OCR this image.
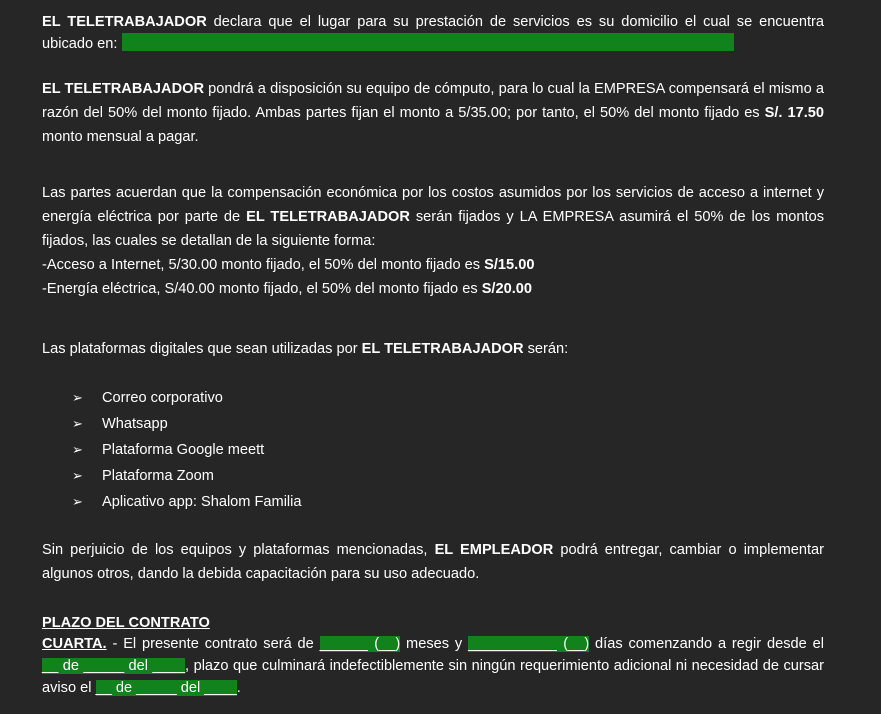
EL TELETRABAJADOR declara que el lugar para su prestación de servicios es su domicilio el cual se encuentra ubicado en:

EL TELETRABAJADOR pondrá a disposición su equipo de cómputo, para lo cual la EMPRESA compensará el mismo a razón del 50% del monto fijado. Ambas partes fijan el monto a 5/35.00; por tanto, el 50% del monto fijado es S/. 17.50 monto mensual a pagar.

Las partes acuerdan que la compensación económica por los costos asumidos por los servicios de acceso a internet y energía eléctrica por parte de EL TELETRABAJADOR serán fijados y LA EMPRESA asumirá el 50% de los montos fijados, las cuales se detallan de la siguiente forma:
-Acceso a Internet, 5/30.00 monto fijado, el 50% del monto fijado es S/15.00
-Energía eléctrica, S/40.00 monto fijado, el 50% del monto fijado es S/20.00

Las plataformas digitales que sean utilizadas por EL TELETRABAJADOR serán:

➢	Correo corporativo
➢	Whatsapp
➢	Plataforma Google meett
➢	Plataforma Zoom
➢	Aplicativo app: Shalom Familia

Sin perjuicio de los equipos y plataformas mencionadas, EL EMPLEADOR podrá entregar, cambiar o implementar algunos otros, dando la debida capacitación para su uso adecuado.

PLAZO DEL CONTRATO

CUARTA. - El presente contrato será de ______ (__) meses y ___________ (__) días comenzando a regir desde el __ de _____ del ____, plazo que culminará indefectiblemente sin ningún requerimiento adicional ni necesidad de cursar aviso el __ de _____ del ____.
